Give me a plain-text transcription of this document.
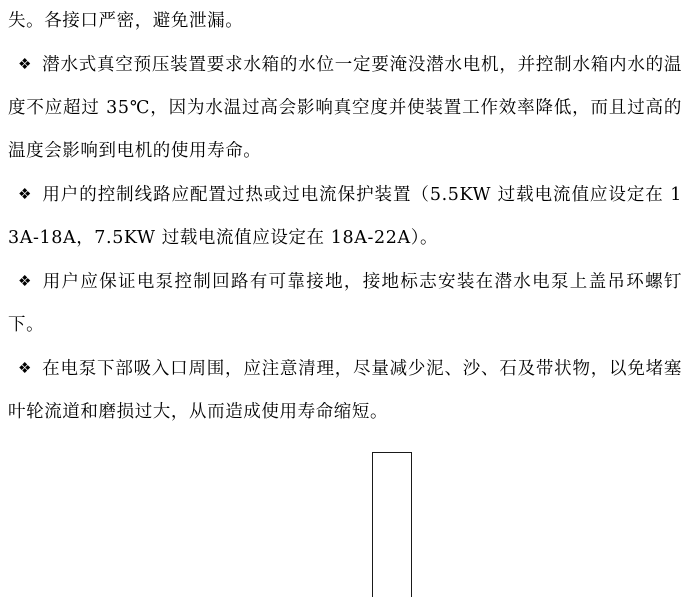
失。各接口严密，避免泄漏。

❖ 潜水式真空预压装置要求水箱的水位一定要淹没潜水电机，并控制水箱内水的温度不应超过 35℃，因为水温过高会影响真空度并使装置工作效率降低，而且过高的温度会影响到电机的使用寿命。

❖ 用户的控制线路应配置过热或过电流保护装置（5.5KW 过载电流值应设定在 13A-18A，7.5KW 过载电流值应设定在 18A-22A）。

❖ 用户应保证电泵控制回路有可靠接地，接地标志安装在潜水电泵上盖吊环螺钉下。

❖ 在电泵下部吸入口周围，应注意清理，尽量减少泥、沙、石及带状物，以免堵塞叶轮流道和磨损过大，从而造成使用寿命缩短。
